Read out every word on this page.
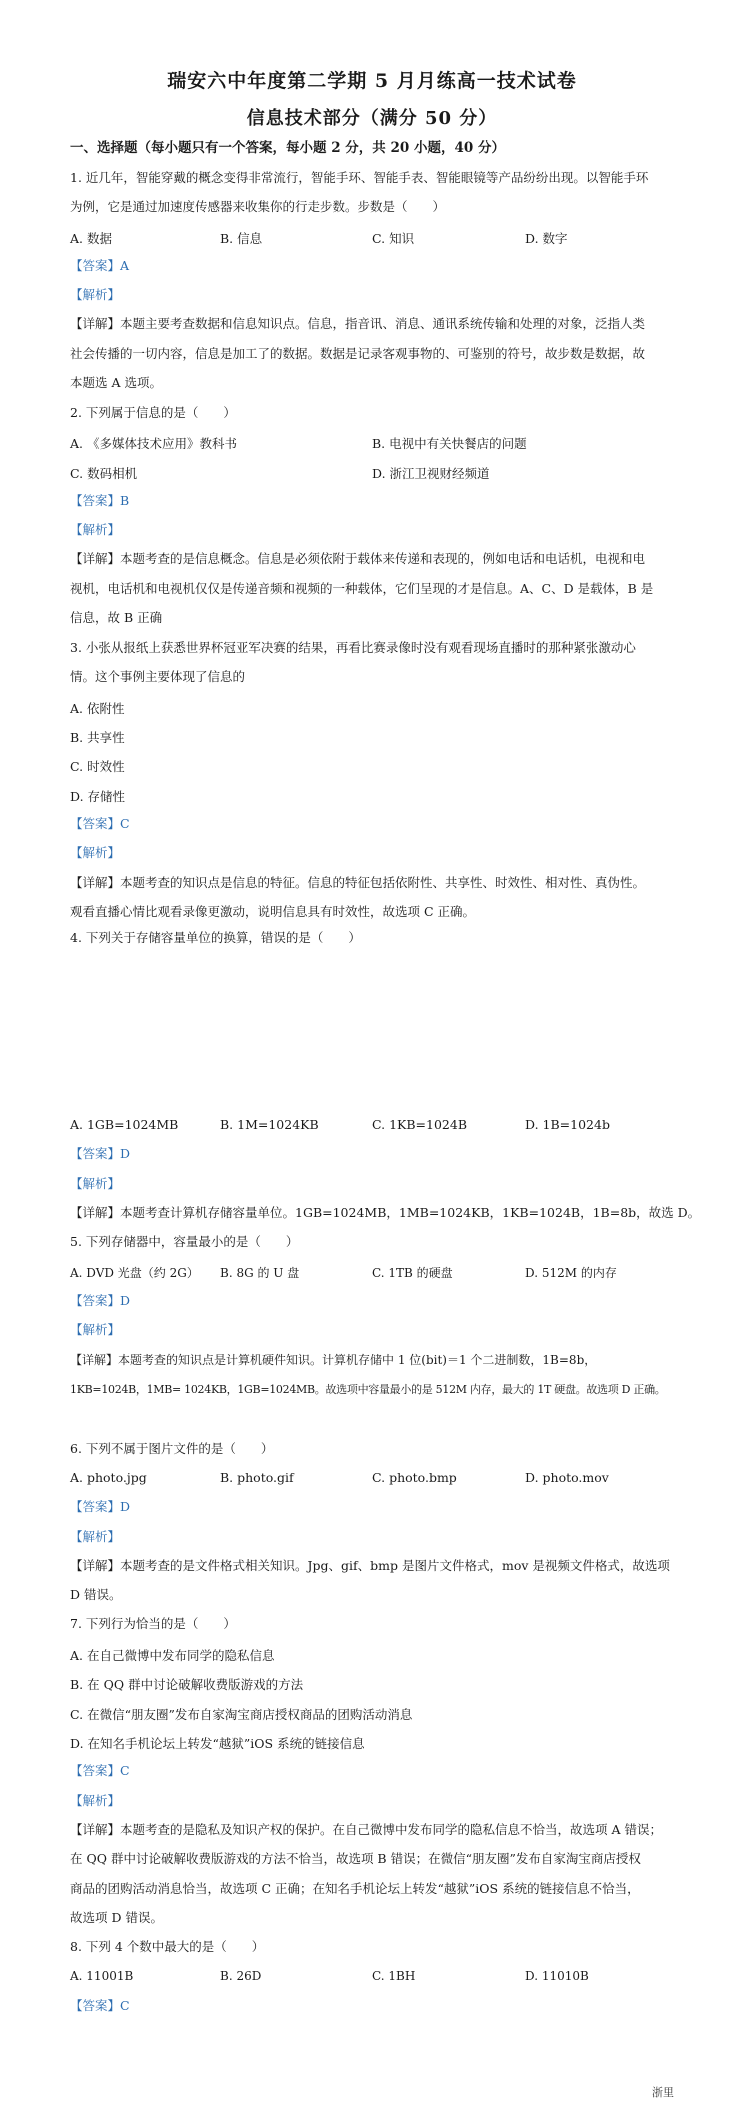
瑞安六中年度第二学期 5 月月练高一技术试卷
信息技术部分（满分 50 分）
一、选择题（每小题只有一个答案，每小题 2 分，共 20 小题，40 分）
1. 近几年，智能穿戴的概念变得非常流行，智能手环、智能手表、智能眼镜等产品纷纷出现。以智能手环
为例，它是通过加速度传感器来收集你的行走步数。步数是（　　）
A. 数据	B. 信息	C. 知识	D. 数字
【答案】A
【解析】
【详解】本题主要考查数据和信息知识点。信息，指音讯、消息、通讯系统传输和处理的对象，泛指人类
社会传播的一切内容，信息是加工了的数据。数据是记录客观事物的、可鉴别的符号，故步数是数据，故
本题选 A 选项。
2. 下列属于信息的是（　　）
A. 《多媒体技术应用》教科书	B. 电视中有关快餐店的问题
C. 数码相机	D. 浙江卫视财经频道
【答案】B
【解析】
【详解】本题考查的是信息概念。信息是必须依附于载体来传递和表现的，例如电话和电话机，电视和电
视机，电话机和电视机仅仅是传递音频和视频的一种载体，它们呈现的才是信息。A、C、D 是载体，B 是
信息，故 B 正确
3. 小张从报纸上获悉世界杯冠亚军决赛的结果，再看比赛录像时没有观看现场直播时的那种紧张激动心
情。这个事例主要体现了信息的
A. 依附性
B. 共享性
C. 时效性
D. 存储性
【答案】C
【解析】
【详解】本题考查的知识点是信息的特征。信息的特征包括依附性、共享性、时效性、相对性、真伪性。
观看直播心情比观看录像更激动，说明信息具有时效性，故选项 C 正确。
4. 下列关于存储容量单位的换算，错误的是（　　）
A. 1GB=1024MB	B. 1M=1024KB	C. 1KB=1024B	D. 1B=1024b
【答案】D
【解析】
【详解】本题考查计算机存储容量单位。1GB=1024MB，1MB=1024KB，1KB=1024B，1B=8b，故选 D。
5. 下列存储器中，容量最小的是（　　）
A. DVD 光盘（约 2G） B. 8G 的 U 盘	C. 1TB 的硬盘	D. 512M 的内存
【答案】D
【解析】
【详解】本题考查的知识点是计算机硬件知识。计算机存储中 1 位(bit)＝1 个二进制数，1B=8b，
1KB=1024B，1MB= 1024KB，1GB=1024MB。故选项中容量最小的是 512M 内存，最大的 1T 硬盘。故选项 D 正确。
6. 下列不属于图片文件的是（　　）
A. photo.jpg	B. photo.gif	C. photo.bmp	D. photo.mov
【答案】D
【解析】
【详解】本题考查的是文件格式相关知识。Jpg、gif、bmp 是图片文件格式，mov 是视频文件格式，故选项
D 错误。
7. 下列行为恰当的是（　　）
A. 在自己微博中发布同学的隐私信息
B. 在 QQ 群中讨论破解收费版游戏的方法
C. 在微信“朋友圈”发布自家淘宝商店授权商品的团购活动消息
D. 在知名手机论坛上转发“越狱”iOS 系统的链接信息
【答案】C
【解析】
【详解】本题考查的是隐私及知识产权的保护。在自己微博中发布同学的隐私信息不恰当，故选项 A 错误；
在 QQ 群中讨论破解收费版游戏的方法不恰当，故选项 B 错误；在微信“朋友圈”发布自家淘宝商店授权
商品的团购活动消息恰当，故选项 C 正确；在知名手机论坛上转发“越狱”iOS 系统的链接信息不恰当，
故选项 D 错误。
8. 下列 4 个数中最大的是（　　）
A. 11001B	B. 26D	C. 1BH	D. 11010B
【答案】C
浙里
